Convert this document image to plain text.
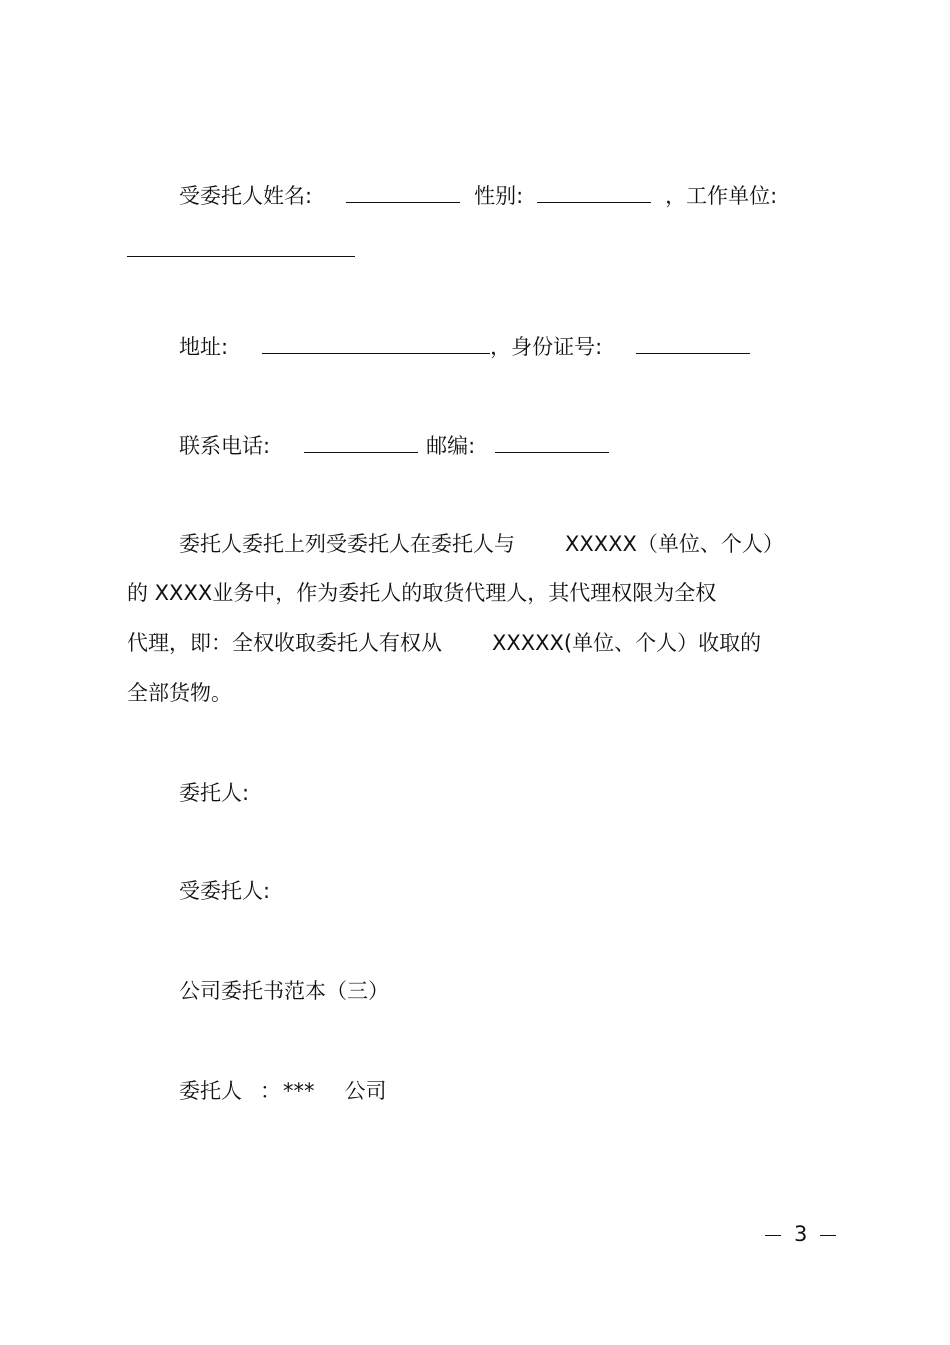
受委托人姓名:	性别:	，工作单位:
地址:	，身份证号:
联系电话:	邮编:
委托人委托上列受委托人在委托人与 XXXXX（单位、个人）
的 XXXX业务中，作为委托人的取货代理人，其代理权限为全权
代理，即：全权收取委托人有权从 XXXXX(单位、个人）收取的
全部货物。
委托人:
受委托人:
公司委托书范本（三）
委托人 ：*** 公司
3
